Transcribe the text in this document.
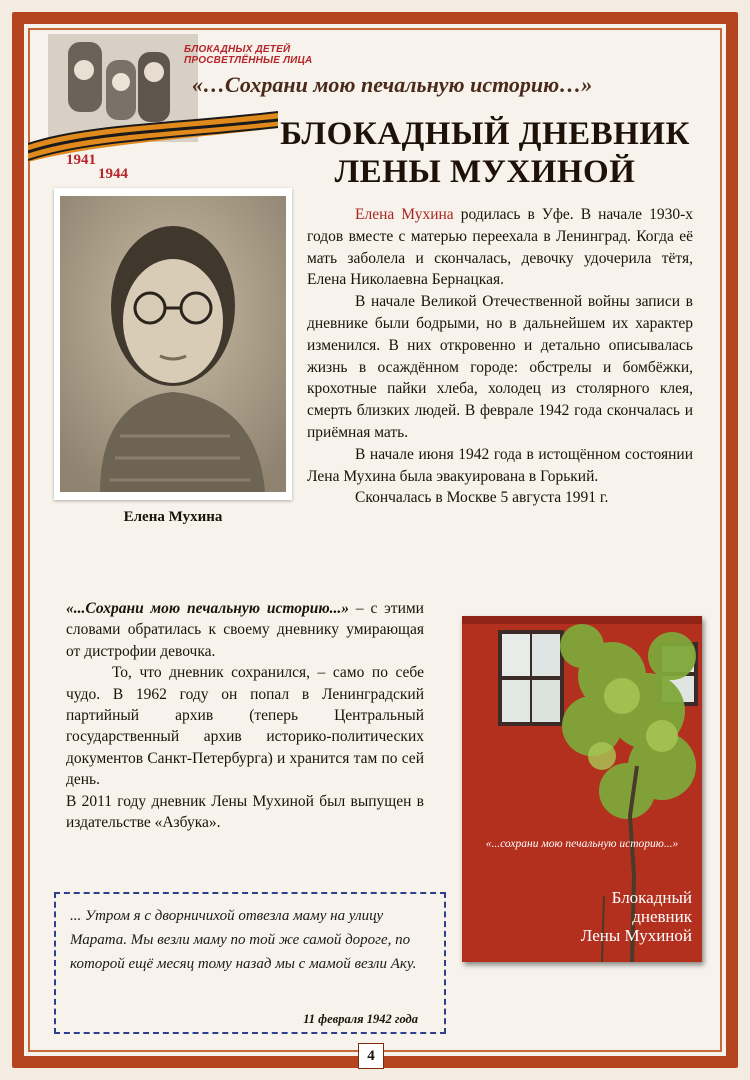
1941
1944
БЛОКАДНЫХ ДЕТЕЙ
ПРОСВЕТЛЁННЫЕ ЛИЦА
«…Сохрани мою печальную историю…»
БЛОКАДНЫЙ ДНЕВНИК
ЛЕНЫ МУХИНОЙ
Елена Мухина

Елена Мухина родилась в Уфе. В начале 1930-х годов вместе с матерью переехала в Ленинград. Когда её мать заболела и скончалась, девочку удочерила тётя, Елена Николаевна Бернацкая.

В начале Великой Отечественной войны записи в дневнике были бодрыми, но в дальнейшем их характер изменился. В них откровенно и детально описывалась жизнь в осаждённом городе: обстрелы и бомбёжки, крохотные пайки хлеба, холодец из столярного клея, смерть близких людей. В феврале 1942 года скончалась и приёмная мать.

В начале июня 1942 года в истощённом состоянии Лена Мухина была эвакуирована в Горький.

Скончалась в Москве 5 августа 1991 г.

«...Сохрани мою печальную историю...» – с этими словами обратилась к своему дневнику умирающая от дистрофии девочка.

То, что дневник сохранился, – само по себе чудо. В 1962 году он попал в Ленинградский партийный архив (теперь Центральный государственный архив историко-политических документов Санкт-Петербурга) и хранится там по сей день.

В 2011 году дневник Лены Мухиной был выпущен в издательстве «Азбука».

«...сохрани мою печальную историю...»
Блокадный
дневник
Лены Мухиной
... Утром я с дворничихой отвезла маму на улицу Марата. Мы везли маму по той же самой дороге, по которой ещё месяц тому назад мы с мамой везли Аку.
11 февраля 1942 года
4
